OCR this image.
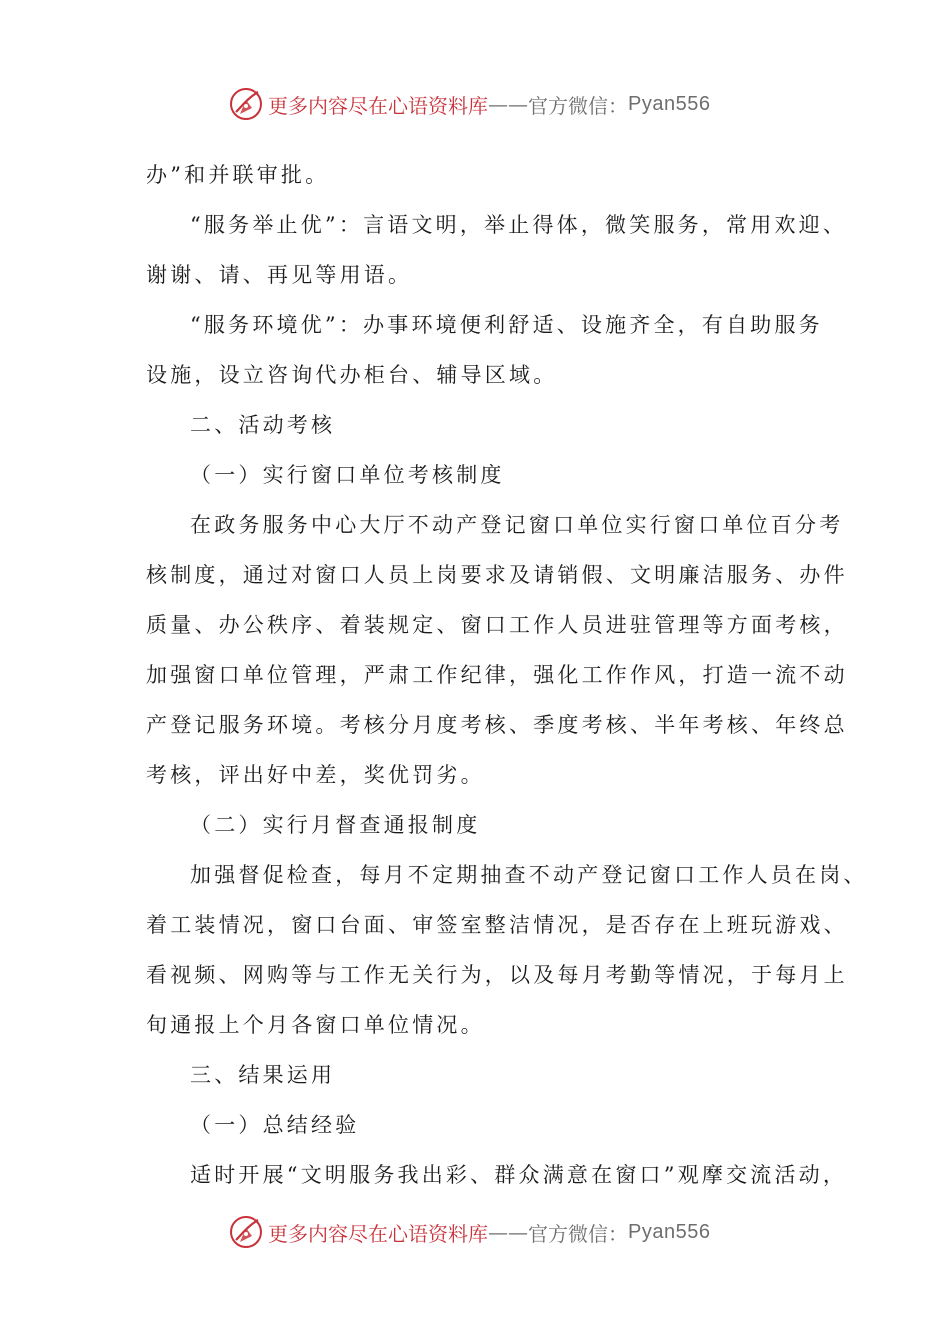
更多内容尽在心语资料库 —— 官方微信： Pyan556
办”和并联审批。
“服务举止优”：言语文明，举止得体，微笑服务，常用欢迎、
谢谢、请、再见等用语。
“服务环境优”：办事环境便利舒适、设施齐全，有自助服务
设施，设立咨询代办柜台、辅导区域。
二、活动考核
（一）实行窗口单位考核制度
在政务服务中心大厅不动产登记窗口单位实行窗口单位百分考
核制度，通过对窗口人员上岗要求及请销假、文明廉洁服务、办件
质量、办公秩序、着装规定、窗口工作人员进驻管理等方面考核，
加强窗口单位管理，严肃工作纪律，强化工作作风，打造一流不动
产登记服务环境。考核分月度考核、季度考核、半年考核、年终总
考核，评出好中差，奖优罚劣。
（二）实行月督查通报制度
加强督促检查，每月不定期抽查不动产登记窗口工作人员在岗、
着工装情况，窗口台面、审签室整洁情况，是否存在上班玩游戏、
看视频、网购等与工作无关行为，以及每月考勤等情况，于每月上
旬通报上个月各窗口单位情况。
三、结果运用
（一）总结经验
适时开展“文明服务我出彩、群众满意在窗口”观摩交流活动，
更多内容尽在心语资料库 —— 官方微信： Pyan556
